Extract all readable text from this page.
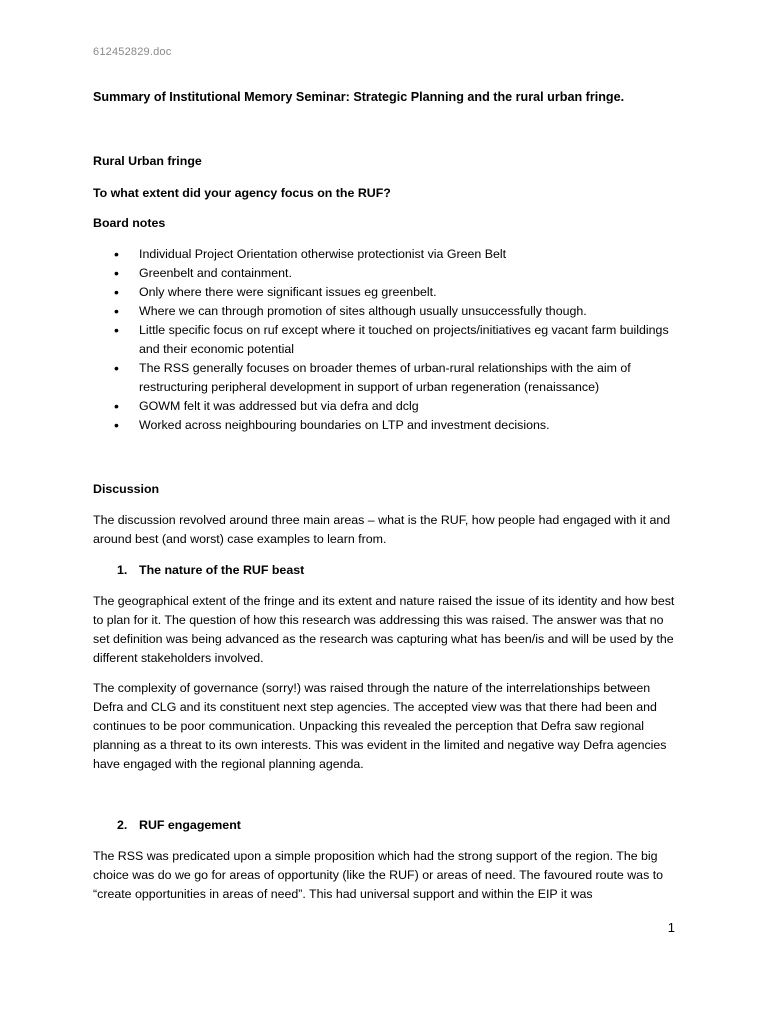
612452829.doc
Summary of Institutional Memory Seminar: Strategic Planning and the rural urban fringe.

Rural Urban fringe

To what extent did your agency focus on the RUF?

Board notes

• Individual Project Orientation otherwise protectionist via Green Belt
• Greenbelt and containment.
• Only where there were significant issues eg greenbelt.
• Where we can through promotion of sites although usually unsuccessfully though.
• Little specific focus on ruf except where it touched on projects/initiatives eg vacant farm buildings and their economic potential
• The RSS generally focuses on broader themes of urban-rural relationships with the aim of restructuring peripheral development in support of urban regeneration (renaissance)
• GOWM felt it was addressed but via defra and dclg
• Worked across neighbouring boundaries on LTP and investment decisions.

Discussion

The discussion revolved around three main areas – what is the RUF, how people had engaged with it and around best (and worst) case examples to learn from.

1. The nature of the RUF beast

The geographical extent of the fringe and its extent and nature raised the issue of its identity and how best to plan for it. The question of how this research was addressing this was raised. The answer was that no set definition was being advanced as the research was capturing what has been/is and will be used by the different stakeholders involved.

The complexity of governance (sorry!) was raised through the nature of the interrelationships between Defra and CLG and its constituent next step agencies. The accepted view was that there had been and continues to be poor communication. Unpacking this revealed the perception that Defra saw regional planning as a threat to its own interests. This was evident in the limited and negative way Defra agencies have engaged with the regional planning agenda.

2. RUF engagement

The RSS was predicated upon a simple proposition which had the strong support of the region. The big choice was do we go for areas of opportunity (like the RUF) or areas of need. The favoured route was to “create opportunities in areas of need”. This had universal support and within the EIP it was

1
